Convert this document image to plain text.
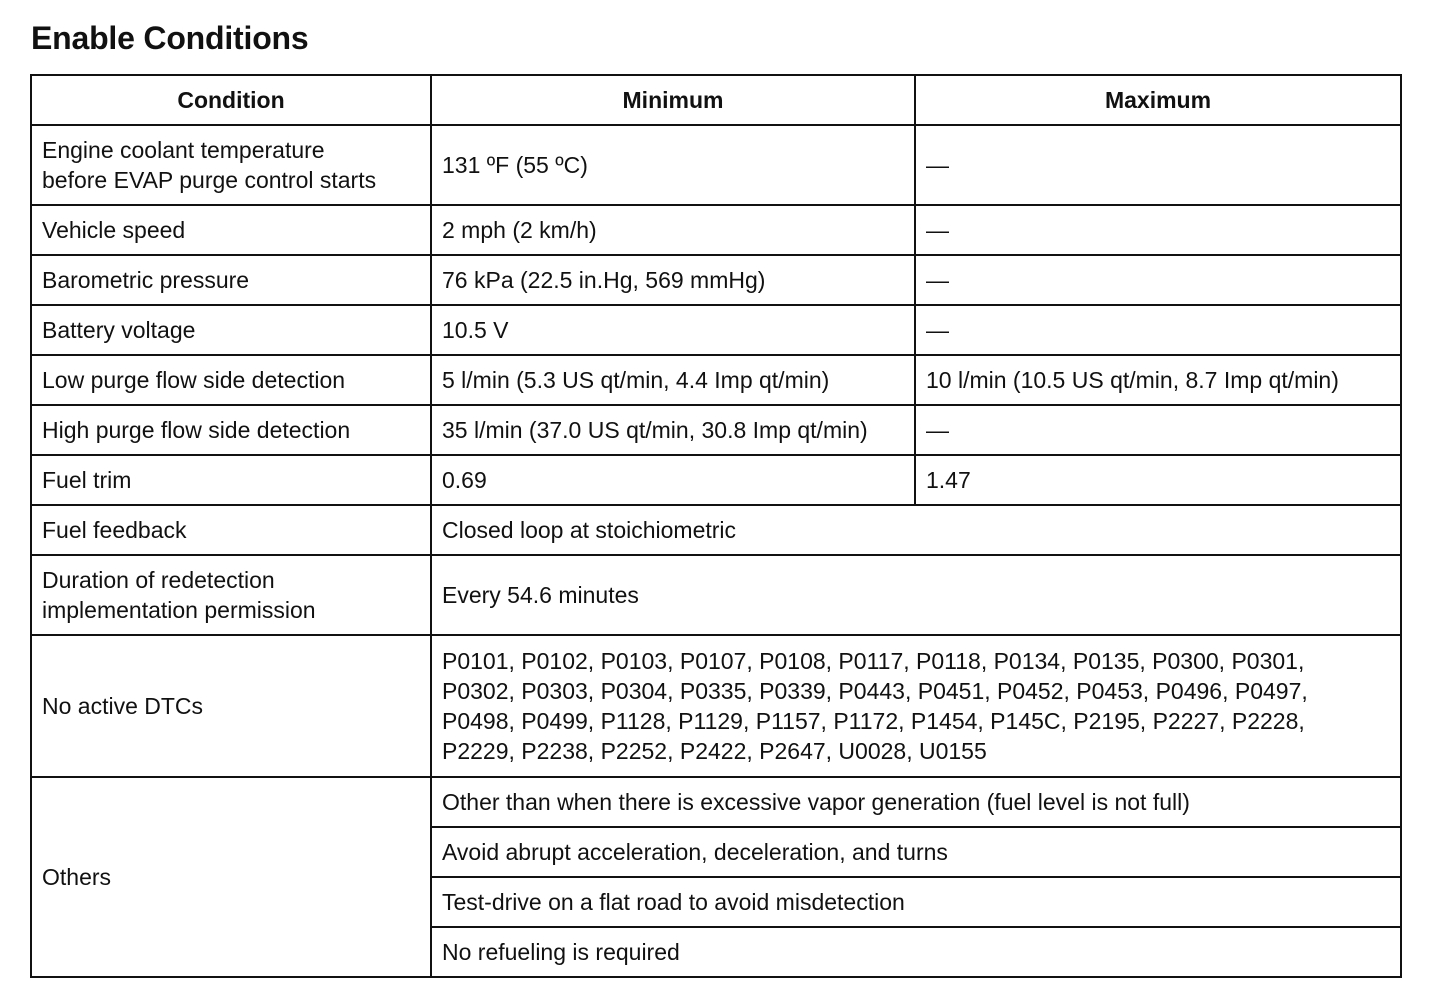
Enable Conditions
Condition	Minimum	Maximum

Engine coolant temperature
before EVAP purge control starts	131 ºF (55 ºC)	—
Vehicle speed	2 mph (2 km/h)	—
Barometric pressure	76 kPa (22.5 in.Hg, 569 mmHg)	—
Battery voltage	10.5 V	—
Low purge flow side detection	5 l/min (5.3 US qt/min, 4.4 Imp qt/min)	10 l/min (10.5 US qt/min, 8.7 Imp qt/min)
High purge flow side detection	35 l/min (37.0 US qt/min, 30.8 Imp qt/min)	—
Fuel trim	0.69	1.47
Fuel feedback	Closed loop at stoichiometric	

Duration of redetection
implementation permission	Every 54.6 minutes	
No active DTCs	P0101, P0102, P0103, P0107, P0108, P0117, P0118, P0134, P0135, P0300, P0301,
P0302, P0303, P0304, P0335, P0339, P0443, P0451, P0452, P0453, P0496, P0497,
P0498, P0499, P1128, P1129, P1157, P1172, P1454, P145C, P2195, P2227, P2228,
P2229, P2238, P2252, P2422, P2647, U0028, U0155	

Others	Other than when there is excessive vapor generation (fuel level is not full)	
	Avoid abrupt acceleration, deceleration, and turns	
	Test-drive on a flat road to avoid misdetection	
	No refueling is required	
